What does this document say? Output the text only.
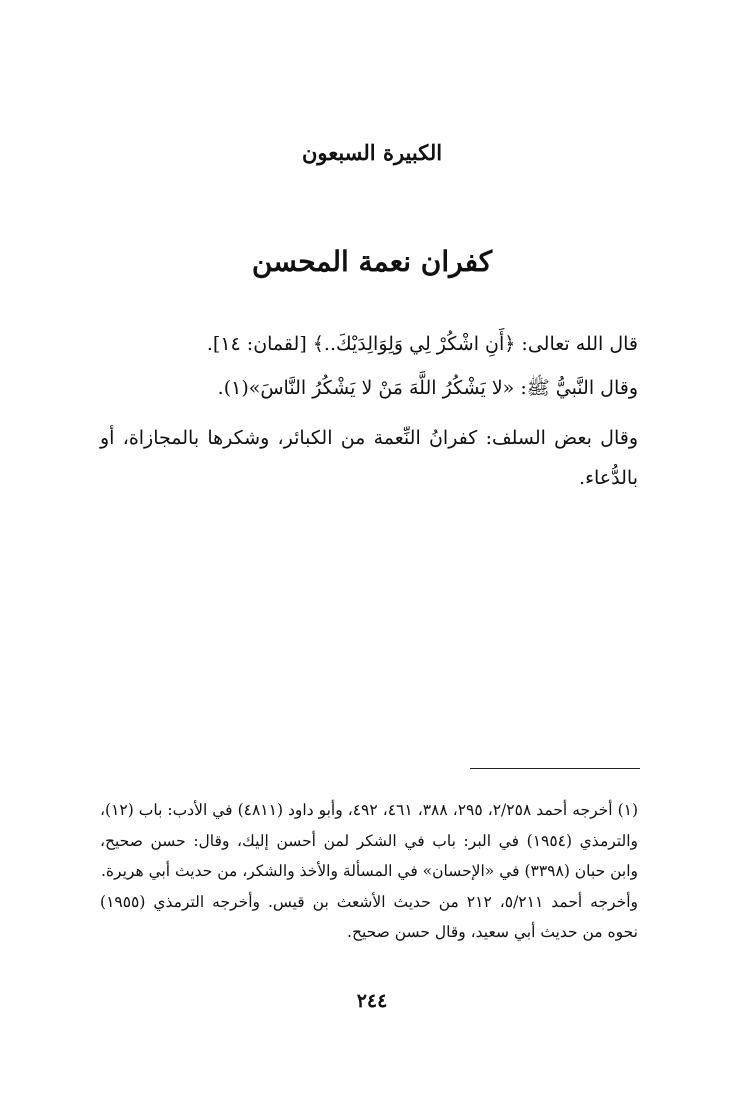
الكبيرة السبعون
كفران نعمة المحسن

قال الله تعالى: ﴿أَنِ اشْكُرْ لِي وَلِوَالِدَيْكَ..﴾ [لقمان: ١٤].

وقال النَّبيُّ ﷺ: «لا يَشْكُرُ اللَّهَ مَنْ لا يَشْكُرُ النَّاسَ»(١).

وقال بعض السلف: كفرانُ النِّعمة من الكبائر، وشكرها بالمجازاة، أو بالدُّعاء.

(١) أخرجه أحمد ٢/٢٥٨، ٢٩٥، ٣٨٨، ٤٦١، ٤٩٢، وأبو داود (٤٨١١) في الأدب: باب (١٢)، والترمذي (١٩٥٤) في البر: باب في الشكر لمن أحسن إليك، وقال: حسن صحيح، وابن حبان (٣٣٩٨) في «الإحسان» في المسألة والأخذ والشكر، من حديث أبي هريرة.

وأخرجه أحمد ٥/٢١١، ٢١٢ من حديث الأشعث بن قيس. وأخرجه الترمذي (١٩٥٥) نحوه من حديث أبي سعيد، وقال حسن صحيح.

٢٤٤
